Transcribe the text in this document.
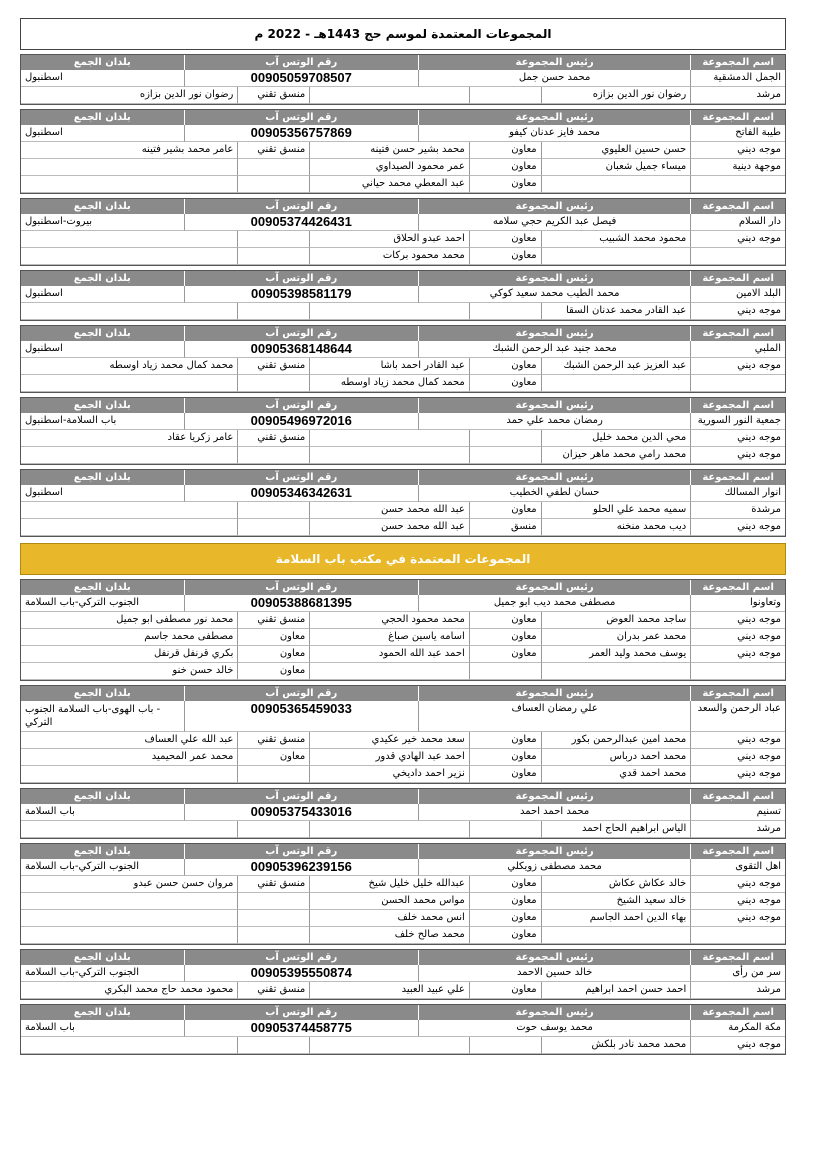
المجموعات المعتمدة لموسم حج 1443هـ - 2022 م
اسم المجموعة
رئيس المجموعة
رقم الوتس آب
بلدان الجمع
الجمل الدمشقية
محمد حسن جمل
00905059708507
اسطنبول
مرشد
رضوان نور الدين بزازه
منسق تقني
رضوان نور الدين بزازه
اسم المجموعة
رئيس المجموعة
رقم الوتس آب
بلدان الجمع
طيبة الفاتح
محمد فايز عدنان كيفو
00905356757869
اسطنبول
موجه ديني
حسن حسين العليوي
معاون
محمد بشير حسن فتينه
منسق تقني
عامر محمد بشير فتينه
موجهة دينية
ميساء جميل شعبان
معاون
عمر محمود الصيداوي
معاون
عبد المعطي محمد حياني
اسم المجموعة
رئيس المجموعة
رقم الوتس آب
بلدان الجمع
دار السلام
فيصل عبد الكريم حجي سلامه
00905374426431
بيروت-اسطنبول
موجه ديني
محمود محمد الشبيب
معاون
احمد عبدو الحلاق
معاون
محمد محمود بركات
اسم المجموعة
رئيس المجموعة
رقم الوتس آب
بلدان الجمع
البلد الامين
محمد الطيب محمد سعيد كوكي
00905398581179
اسطنبول
موجه ديني
عبد القادر محمد عدنان السقا
اسم المجموعة
رئيس المجموعة
رقم الوتس آب
بلدان الجمع
الملبي
محمد جنيد عبد الرحمن الشبك
00905368148644
اسطنبول
موجه ديني
عبد العزيز عبد الرحمن الشبك
معاون
عبد القادر احمد باشا
منسق تقني
محمد كمال محمد زياد اوسطه
معاون
محمد كمال محمد زياد اوسطه
اسم المجموعة
رئيس المجموعة
رقم الوتس آب
بلدان الجمع
جمعية النور السورية
رمضان محمد علي حمد
00905496972016
باب السلامة-اسطنبول
موجه ديني
محي الدين محمد خليل
منسق تقني
عامر زكريا عقاد
موجه ديني
محمد رامي محمد ماهر حيزان
اسم المجموعة
رئيس المجموعة
رقم الوتس آب
بلدان الجمع
انوار المسالك
حسان لطفي الخطيب
00905346342631
اسطنبول
مرشدة
سميه محمد علي الحلو
معاون
عبد الله محمد حسن
موجه ديني
ديب محمد منخنه
منسق
عبد الله محمد حسن
المجموعات المعتمدة في مكتب باب السلامة
اسم المجموعة
رئيس المجموعة
رقم الوتس آب
بلدان الجمع
وتعاونوا
مصطفى محمد ديب ابو جميل
00905388681395
الجنوب التركي-باب السلامة
موجه ديني
ساجد محمد العوض
معاون
محمد محمود الحجي
منسق تقني
محمد نور مصطفى ابو جميل
موجه ديني
محمد عمر بدران
معاون
اسامه ياسين صباغ
معاون
مصطفى محمد جاسم
موجه ديني
يوسف محمد وليد العمر
معاون
احمد عبد الله الحمود
معاون
بكري قرنفل قرنفل
معاون
خالد حسن خنو
اسم المجموعة
رئيس المجموعة
رقم الوتس آب
بلدان الجمع
عباد الرحمن والسعد
علي رمضان العساف
00905365459033
- باب الهوى-باب السلامة الجنوب التركي
موجه ديني
محمد امين عبدالرحمن بكور
معاون
سعد محمد خير عكيدي
منسق تقني
عبد الله علي العساف
موجه ديني
محمد احمد درباس
معاون
احمد عبد الهادي قدور
معاون
محمد عمر المحيميد
موجه ديني
محمد احمد قدي
معاون
نزير احمد داديخي
اسم المجموعة
رئيس المجموعة
رقم الوتس آب
بلدان الجمع
تسنيم
محمد احمد احمد
00905375433016
باب السلامة
مرشد
الياس ابراهيم الحاج احمد
اسم المجموعة
رئيس المجموعة
رقم الوتس آب
بلدان الجمع
اهل التقوى
محمد مصطفى زويكلي
00905396239156
الجنوب التركي-باب السلامة
موجه ديني
خالد عكاش عكاش
معاون
عبدالله خليل خليل شيخ
منسق تقني
مروان حسن حسن عبدو
موجه ديني
خالد سعيد الشيخ
معاون
مواس محمد الحسن
موجه ديني
بهاء الدين احمد الجاسم
معاون
انس محمد خلف
معاون
محمد صالح خلف
اسم المجموعة
رئيس المجموعة
رقم الوتس آب
بلدان الجمع
سر من رأى
خالد حسين الاحمد
00905395550874
الجنوب التركي-باب السلامة
مرشد
احمد حسن احمد ابراهيم
معاون
علي عبيد العبيد
منسق تقني
محمود محمد حاج محمد البكري
اسم المجموعة
رئيس المجموعة
رقم الوتس آب
بلدان الجمع
مكة المكرمة
محمد يوسف حوت
00905374458775
باب السلامة
موجه ديني
محمد محمد نادر بلكش
